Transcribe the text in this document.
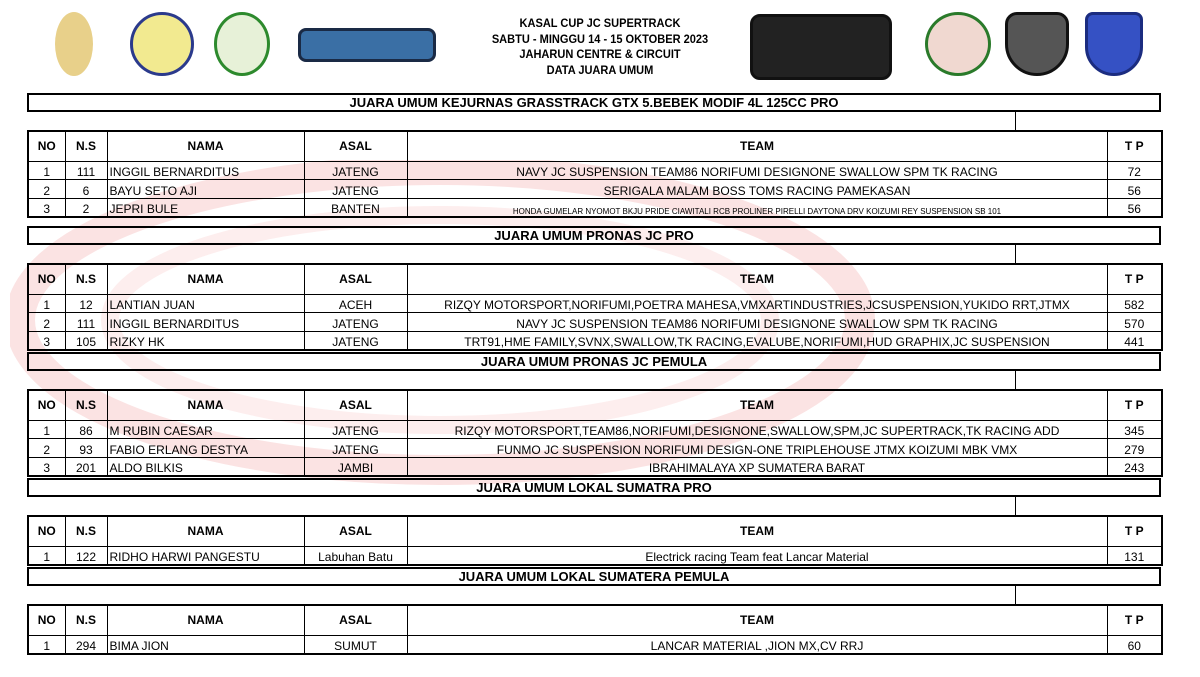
KASAL CUP JC SUPERTRACK
SABTU - MINGGU 14 - 15 OKTOBER 2023
JAHARUN CENTRE & CIRCUIT
DATA JUARA UMUM
JUARA UMUM KEJURNAS GRASSTRACK GTX 5.BEBEK MODIF 4L 125CC PRO
NO	N.S	NAMA	ASAL	TEAM	T P
1	111	INGGIL BERNARDITUS	JATENG	NAVY JC SUSPENSION TEAM86 NORIFUMI DESIGNONE SWALLOW SPM TK RACING	72
2	6	BAYU SETO AJI	JATENG	SERIGALA MALAM BOSS TOMS RACING PAMEKASAN	56
3	2	JEPRI BULE	BANTEN	HONDA GUMELAR NYOMOT BKJU PRIDE CIAWITALI RCB PROLINER PIRELLI DAYTONA DRV KOIZUMI REY SUSPENSION SB 101	56
JUARA UMUM PRONAS JC PRO
NO	N.S	NAMA	ASAL	TEAM	T P
1	12	LANTIAN JUAN	ACEH	RIZQY MOTORSPORT,NORIFUMI,POETRA MAHESA,VMXARTINDUSTRIES,JCSUSPENSION,YUKIDO RRT,JTMX	582
2	111	INGGIL BERNARDITUS	JATENG	NAVY JC SUSPENSION TEAM86 NORIFUMI DESIGNONE SWALLOW SPM TK RACING	570
3	105	RIZKY HK	JATENG	TRT91,HME FAMILY,SVNX,SWALLOW,TK RACING,EVALUBE,NORIFUMI,HUD GRAPHIX,JC SUSPENSION	441
JUARA UMUM PRONAS JC PEMULA
NO	N.S	NAMA	ASAL	TEAM	T P
1	86	M RUBIN CAESAR	JATENG	RIZQY MOTORSPORT,TEAM86,NORIFUMI,DESIGNONE,SWALLOW,SPM,JC SUPERTRACK,TK RACING ADD	345
2	93	FABIO ERLANG DESTYA	JATENG	FUNMO JC SUSPENSION NORIFUMI DESIGN-ONE TRIPLEHOUSE JTMX KOIZUMI MBK VMX	279
3	201	ALDO BILKIS	JAMBI	IBRAHIMALAYA XP SUMATERA BARAT	243
JUARA UMUM LOKAL SUMATRA PRO
NO	N.S	NAMA	ASAL	TEAM	T P
1	122	RIDHO HARWI PANGESTU	Labuhan Batu	Electrick racing Team feat Lancar Material	131
JUARA UMUM LOKAL SUMATERA PEMULA
NO	N.S	NAMA	ASAL	TEAM	T P
1	294	BIMA JION	SUMUT	LANCAR MATERIAL ,JION MX,CV RRJ	60
